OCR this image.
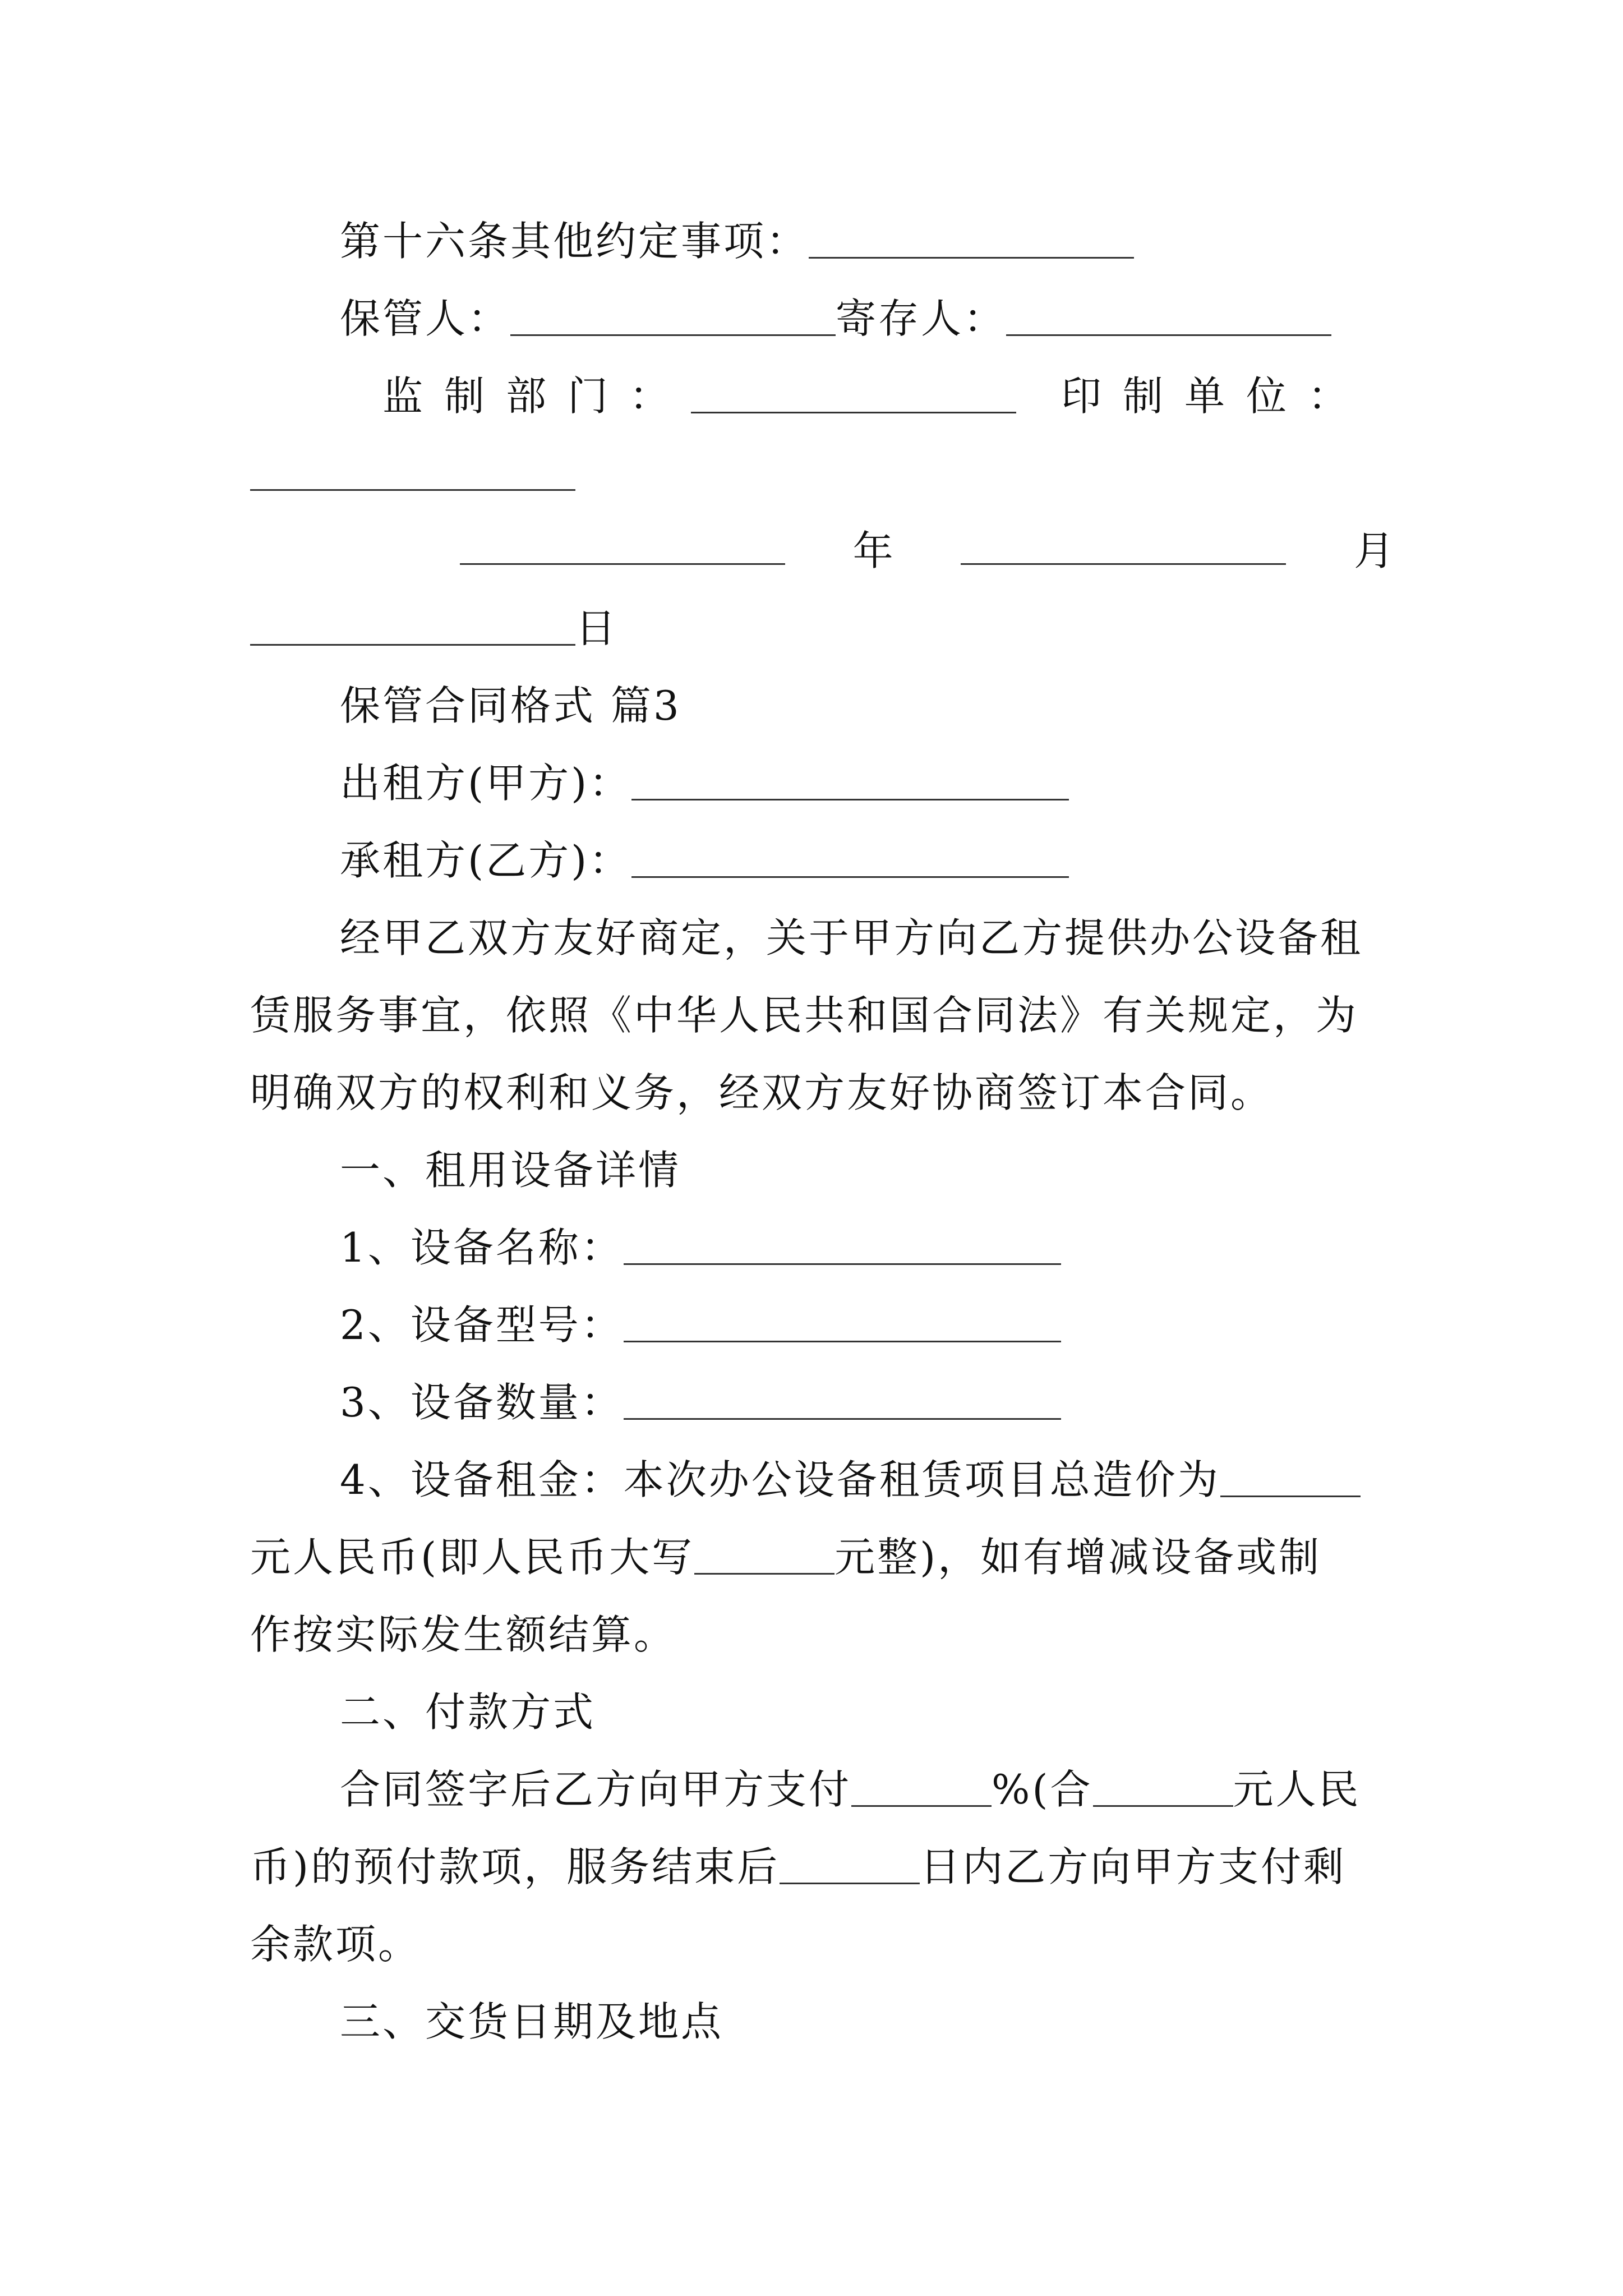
第十六条其他约定事项：
保管人：	寄存人：
监制部门：	印制单位：
年	月
日
保管合同格式 篇3
出租方(甲方)：
承租方(乙方)：
经甲乙双方友好商定，关于甲方向乙方提供办公设备租
赁服务事宜，依照《中华人民共和国合同法》有关规定，为
明确双方的权利和义务，经双方友好协商签订本合同。
一、租用设备详情
1、设备名称：
2、设备型号：
3、设备数量：
4、设备租金：本次办公设备租赁项目总造价为
元人民币(即人民币大写	元整)，如有增减设备或制
作按实际发生额结算。
二、付款方式
合同签字后乙方向甲方支付	%(合	元人民
币)的预付款项，服务结束后	日内乙方向甲方支付剩
余款项。
三、交货日期及地点
